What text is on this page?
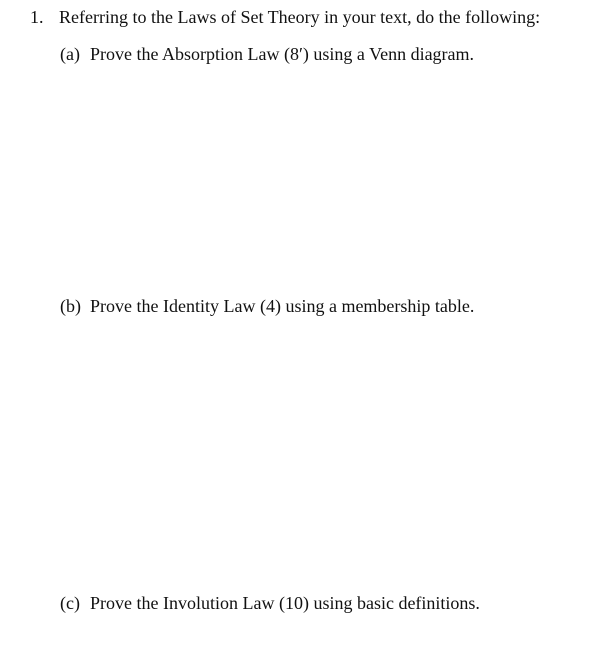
1. Referring to the Laws of Set Theory in your text, do the following:
(a) Prove the Absorption Law (8′) using a Venn diagram.
(b) Prove the Identity Law (4) using a membership table.
(c) Prove the Involution Law (10) using basic definitions.
